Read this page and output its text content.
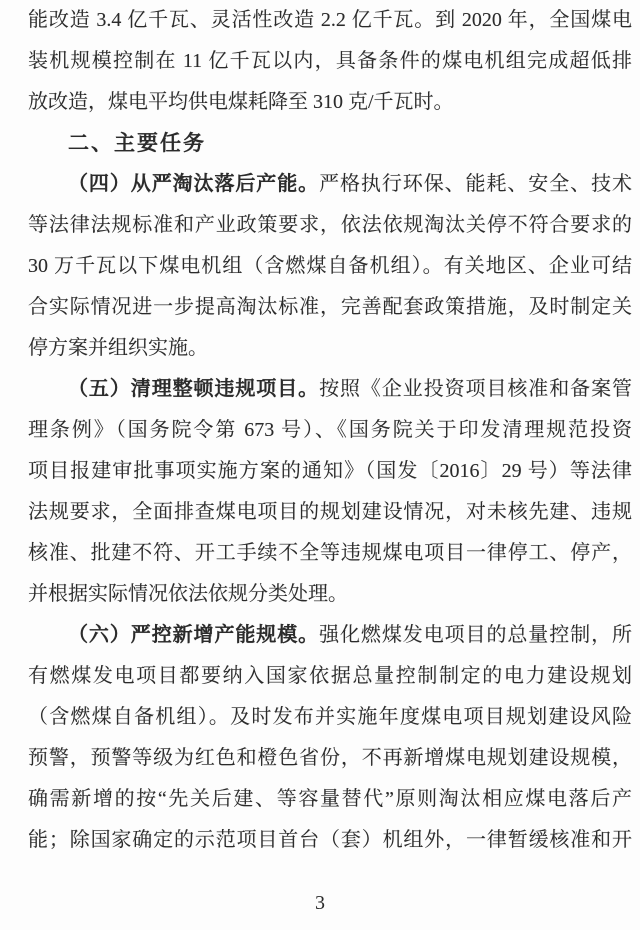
能改造 3.4 亿千瓦、灵活性改造 2.2 亿千瓦。到 2020 年，全国煤电
装机规模控制在 11 亿千瓦以内，具备条件的煤电机组完成超低排
放改造，煤电平均供电煤耗降至 310 克/千瓦时。
二、主要任务
（四）从严淘汰落后产能。严格执行环保、能耗、安全、技术
等法律法规标准和产业政策要求，依法依规淘汰关停不符合要求的
30 万千瓦以下煤电机组（含燃煤自备机组）。有关地区、企业可结
合实际情况进一步提高淘汰标准，完善配套政策措施，及时制定关
停方案并组织实施。
（五）清理整顿违规项目。按照《企业投资项目核准和备案管
理条例》（国务院令第 673 号）、《国务院关于印发清理规范投资
项目报建审批事项实施方案的通知》（国发〔2016〕29 号）等法律
法规要求，全面排查煤电项目的规划建设情况，对未核先建、违规
核准、批建不符、开工手续不全等违规煤电项目一律停工、停产，
并根据实际情况依法依规分类处理。
（六）严控新增产能规模。强化燃煤发电项目的总量控制，所
有燃煤发电项目都要纳入国家依据总量控制制定的电力建设规划
（含燃煤自备机组）。及时发布并实施年度煤电项目规划建设风险
预警，预警等级为红色和橙色省份，不再新增煤电规划建设规模，
确需新增的按“先关后建、等容量替代”原则淘汰相应煤电落后产
能；除国家确定的示范项目首台（套）机组外，一律暂缓核准和开
3
